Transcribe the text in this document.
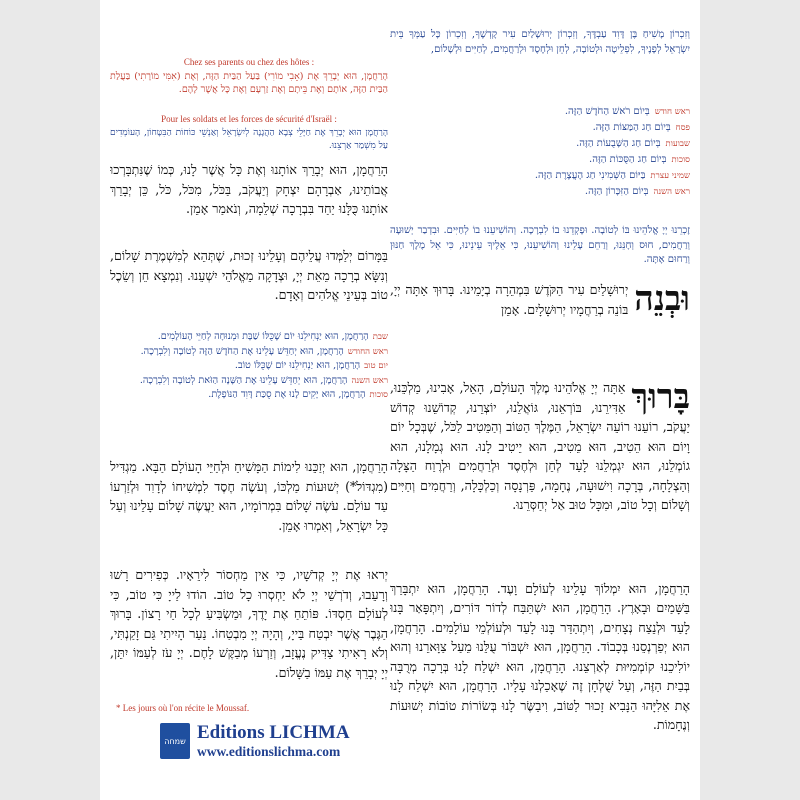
וְזִכְרוֹן מָשִׁיחַ בֶּן דָּוִד עַבְדֶּךָ, וְזִכְרוֹן יְרוּשָׁלַיִם עִיר קָדְשֶׁךָ, וְזִכְרוֹן כָּל עַמְּךָ בֵּית יִשְׂרָאֵל לְפָנֶיךָ, לִפְלֵיטָה וּלְטוֹבָה, לְחֵן וּלְחֶסֶד וּלְרַחֲמִים, לְחַיִּים וּלְשָׁלוֹם,

ראש חודשבְּיוֹם רֹאשׁ הַחֹדֶשׁ הַזֶּה.
פסחבְּיוֹם חַג הַמַּצּוֹת הַזֶּה.
שבועותבְּיוֹם חַג הַשָּׁבֻעוֹת הַזֶּה.
סוכותבְּיוֹם חַג הַסֻּכּוֹת הַזֶּה.
שמיני עצרתבַּיּוֹם הַשְּׁמִינִי חַג הָעֲצֶרֶת הַזֶּה.
ראש השנהבְּיוֹם הַזִּכָּרוֹן הַזֶּה.

זָכְרֵנוּ יְיָ אֱלֹהֵינוּ בּוֹ לְטוֹבָה. וּפָקְדֵנוּ בוֹ לִבְרָכָה. וְהוֹשִׁיעֵנוּ בוֹ לְחַיִּים. וּבִדְבַר יְשׁוּעָה וְרַחֲמִים, חוּס וְחָנֵּנוּ, וְרַחֵם עָלֵינוּ וְהוֹשִׁיעֵנוּ, כִּי אֵלֶיךָ עֵינֵינוּ, כִּי אֵל מֶלֶךְ חַנּוּן וְרַחוּם אָתָּה.

וּבְנֵה
יְרוּשָׁלַיִם עִיר הַקֹּדֶשׁ בִּמְהֵרָה בְיָמֵינוּ. בָּרוּךְ אַתָּה יְיָ, בּוֹנֵה בְרַחֲמָיו יְרוּשָׁלָיִם. אָמֵן
בָּרוּךְ
אַתָּה יְיָ אֱלֹהֵינוּ מֶלֶךְ הָעוֹלָם, הָאֵל, אָבִינוּ, מַלְכֵּנוּ, אַדִּירֵנוּ, בּוֹרְאֵנוּ, גּוֹאֲלֵנוּ, יוֹצְרֵנוּ, קְדוֹשֵׁנוּ קְדוֹשׁ יַעֲקֹב, רוֹעֵנוּ רוֹעֵה יִשְׂרָאֵל, הַמֶּלֶךְ הַטּוֹב וְהַמֵּטִיב לַכֹּל, שֶׁבְּכָל יוֹם וָיוֹם הוּא הֵטִיב, הוּא מֵטִיב, הוּא יֵיטִיב לָנוּ. הוּא גְמָלָנוּ, הוּא גוֹמְלֵנוּ, הוּא יִגְמְלֵנוּ לָעַד לְחֵן וּלְחֶסֶד וּלְרַחֲמִים וּלְרֶוַח הַצָּלָה וְהַצְלָחָה, בְּרָכָה וִישׁוּעָה, נֶחָמָה, פַּרְנָסָה וְכַלְכָּלָה, וְרַחֲמִים וְחַיִּים וְשָׁלוֹם וְכָל טוֹב, וּמִכָּל טוּב אַל יְחַסְּרֵנוּ.

הָרַחֲמָן, הוּא יִמְלוֹךְ עָלֵינוּ לְעוֹלָם וָעֶד. הָרַחֲמָן, הוּא יִתְבָּרַךְ בַּשָּׁמַיִם וּבָאָרֶץ. הָרַחֲמָן, הוּא יִשְׁתַּבַּח לְדוֹר דּוֹרִים, וְיִתְפָּאַר בָּנוּ לָעַד וּלְנֵצַח נְצָחִים, וְיִתְהַדַּר בָּנוּ לָעַד וּלְעוֹלְמֵי עוֹלָמִים. הָרַחֲמָן, הוּא יְפַרְנְסֵנוּ בְּכָבוֹד. הָרַחֲמָן, הוּא יִשְׁבּוֹר עֻלֵּנוּ מֵעַל צַוָּארֵנוּ וְהוּא יוֹלִיכֵנוּ קוֹמְמִיּוּת לְאַרְצֵנוּ. הָרַחֲמָן, הוּא יִשְׁלַח לָנוּ בְּרָכָה מְרֻבָּה בְּבַיִת הַזֶּה, וְעַל שֻׁלְחָן זֶה שֶׁאָכַלְנוּ עָלָיו. הָרַחֲמָן, הוּא יִשְׁלַח לָנוּ אֶת אֵלִיָּהוּ הַנָּבִיא זָכוּר לַטּוֹב, וִיבַשֶּׂר לָנוּ בְּשׂוֹרוֹת טוֹבוֹת יְשׁוּעוֹת וְנֶחָמוֹת.

Chez ses parents ou chez des hôtes :

הָרַחֲמָן, הוּא יְבָרֵךְ אֶת (אָבִי מוֹרִי) בַּעַל הַבַּיִת הַזֶּה, וְאֶת (אִמִּי מוֹרָתִי) בַּעֲלַת הַבַּיִת הַזֶּה, אוֹתָם וְאֶת בֵּיתָם וְאֶת זַרְעָם וְאֶת כָּל אֲשֶׁר לָהֶם.

Pour les soldats et les forces de sécurité d'Israël :

הָרַחֲמָן הוּא יְבָרֵךְ אֶת חַיָּלֵי צְבָא הַהֲגָנָה לְיִשְׂרָאֵל וְאַנְשֵׁי כּוֹחוֹת הַבִּטָּחוֹן, הָעוֹמְדִים עַל מִשְׁמַר אַרְצֵנוּ.

הָרַחֲמָן, הוּא יְבָרֵךְ אוֹתָנוּ וְאֶת כָּל אֲשֶׁר לָנוּ, כְּמוֹ שֶׁנִּתְבָּרְכוּ אֲבוֹתֵינוּ, אַבְרָהָם יִצְחָק וְיַעֲקֹב, בַּכֹּל, מִכֹּל, כֹּל, כֵּן יְבָרֵךְ אוֹתָנוּ כֻּלָּנוּ יַחַד בִּבְרָכָה שְׁלֵמָה, וְנֹאמַר אָמֵן.

בַּמָּרוֹם יְלַמְּדוּ עֲלֵיהֶם וְעָלֵינוּ זְכוּת, שֶׁתְּהֵא לְמִשְׁמֶרֶת שָׁלוֹם, וְנִשָּׂא בְרָכָה מֵאֵת יְיָ, וּצְדָקָה מֵאֱלֹהֵי יִשְׁעֵנוּ. וְנִמְצָא חֵן וְשֵׂכֶל טוֹב בְּעֵינֵי אֱלֹהִים וְאָדָם.

שבתהָרַחֲמָן, הוּא יַנְחִילֵנוּ יוֹם שֶׁכֻּלּוֹ שַׁבָּת וּמְנוּחָה לְחַיֵּי הָעוֹלָמִים.
ראש החודשהָרַחֲמָן, הוּא יְחַדֵּשׁ עָלֵינוּ אֶת הַחֹדֶשׁ הַזֶּה לְטוֹבָה וְלִבְרָכָה.
יום טובהָרַחֲמָן, הוּא יַנְחִילֵנוּ יוֹם שֶׁכֻּלּוֹ טוֹב.
ראש השנההָרַחֲמָן, הוּא יְחַדֵּשׁ עָלֵינוּ אֶת הַשָּׁנָה הַזֹּאת לְטוֹבָה וְלִבְרָכָה.
סוכותהָרַחֲמָן, הוּא יָקִים לָנוּ אֶת סֻכַּת דָּוִד הַנּוֹפָלֶת.

הָרַחֲמָן, הוּא יְזַכֵּנוּ לִימוֹת הַמָּשִׁיחַ וּלְחַיֵּי הָעוֹלָם הַבָּא. מַגְדִּיל (מִגְדּוֹל*) יְשׁוּעוֹת מַלְכּוֹ, וְעֹשֶׂה חֶסֶד לִמְשִׁיחוֹ לְדָוִד וּלְזַרְעוֹ עַד עוֹלָם. עֹשֶׂה שָׁלוֹם בִּמְרוֹמָיו, הוּא יַעֲשֶׂה שָׁלוֹם עָלֵינוּ וְעַל כָּל יִשְׂרָאֵל, וְאִמְרוּ אָמֵן.

יְראוּ אֶת יְיָ קְדֹשָׁיו, כִּי אֵין מַחְסוֹר לִירֵאָיו. כְּפִירִים רָשׁוּ וְרָעֵבוּ, וְדֹרְשֵׁי יְיָ לֹא יַחְסְרוּ כָל טוֹב. הוֹדוּ לַייָ כִּי טוֹב, כִּי לְעוֹלָם חַסְדּוֹ. פּוֹתֵחַ אֶת יָדֶךָ, וּמַשְׂבִּיעַ לְכָל חַי רָצוֹן. בָּרוּךְ הַגֶּבֶר אֲשֶׁר יִבְטַח בַּייָ, וְהָיָה יְיָ מִבְטַחוֹ. נַעַר הָיִיתִי גַּם זָקַנְתִּי, וְלֹא רָאִיתִי צַדִּיק נֶעֱזָב, וְזַרְעוֹ מְבַקֶּשׁ לָחֶם. יְיָ עֹז לְעַמּוֹ יִתֵּן, יְיָ יְבָרֵךְ אֶת עַמּוֹ בַשָּׁלוֹם.

* Les jours où l'on récite le Moussaf.
שמחה Editions LICHMA
www.editionslichma.com
